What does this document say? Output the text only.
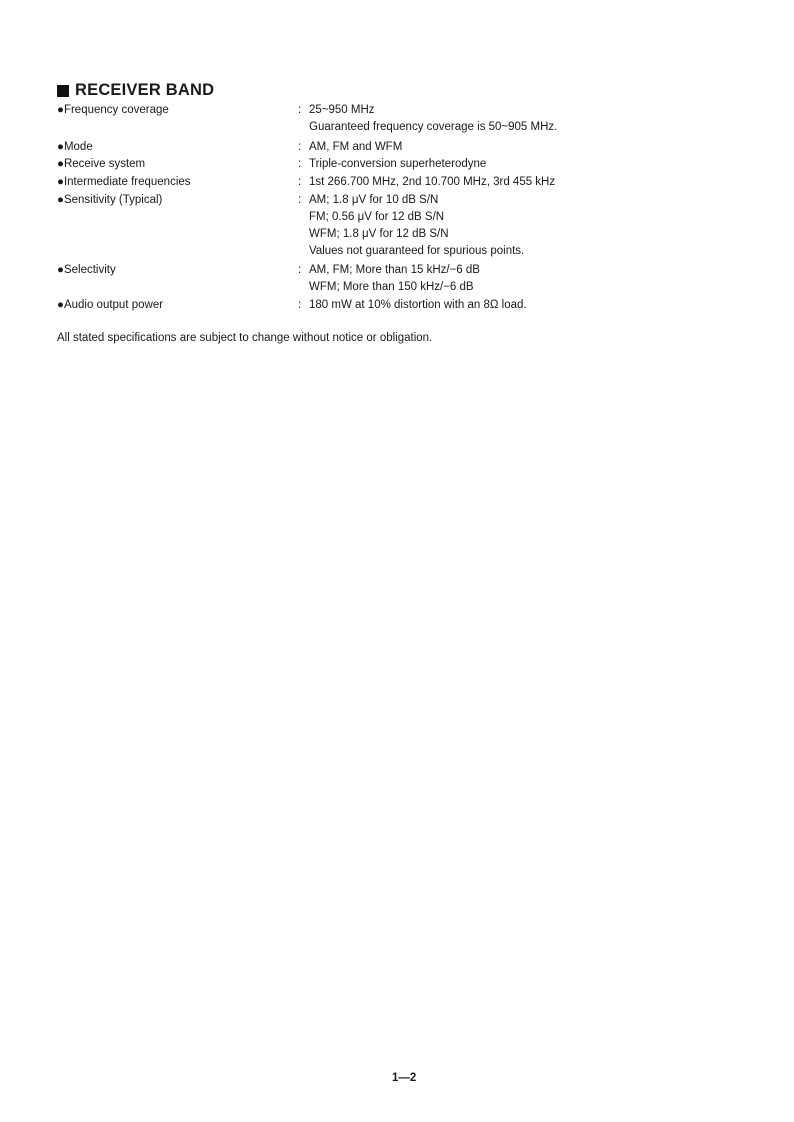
RECEIVER BAND
●Frequency coverage	: 25~950 MHz
Guaranteed frequency coverage is 50~905 MHz.
●Mode	: AM, FM and WFM
●Receive system	: Triple-conversion superheterodyne
●Intermediate frequencies	: 1st 266.700 MHz, 2nd 10.700 MHz, 3rd 455 kHz
●Sensitivity (Typical)	: AM; 1.8 μV for 10 dB S/N
FM; 0.56 μV for 12 dB S/N
WFM; 1.8 μV for 12 dB S/N
Values not guaranteed for spurious points.
●Selectivity	: AM, FM; More than 15 kHz/−6 dB
WFM; More than 150 kHz/−6 dB
●Audio output power	: 180 mW at 10% distortion with an 8Ω load.
All stated specifications are subject to change without notice or obligation.
1—2
